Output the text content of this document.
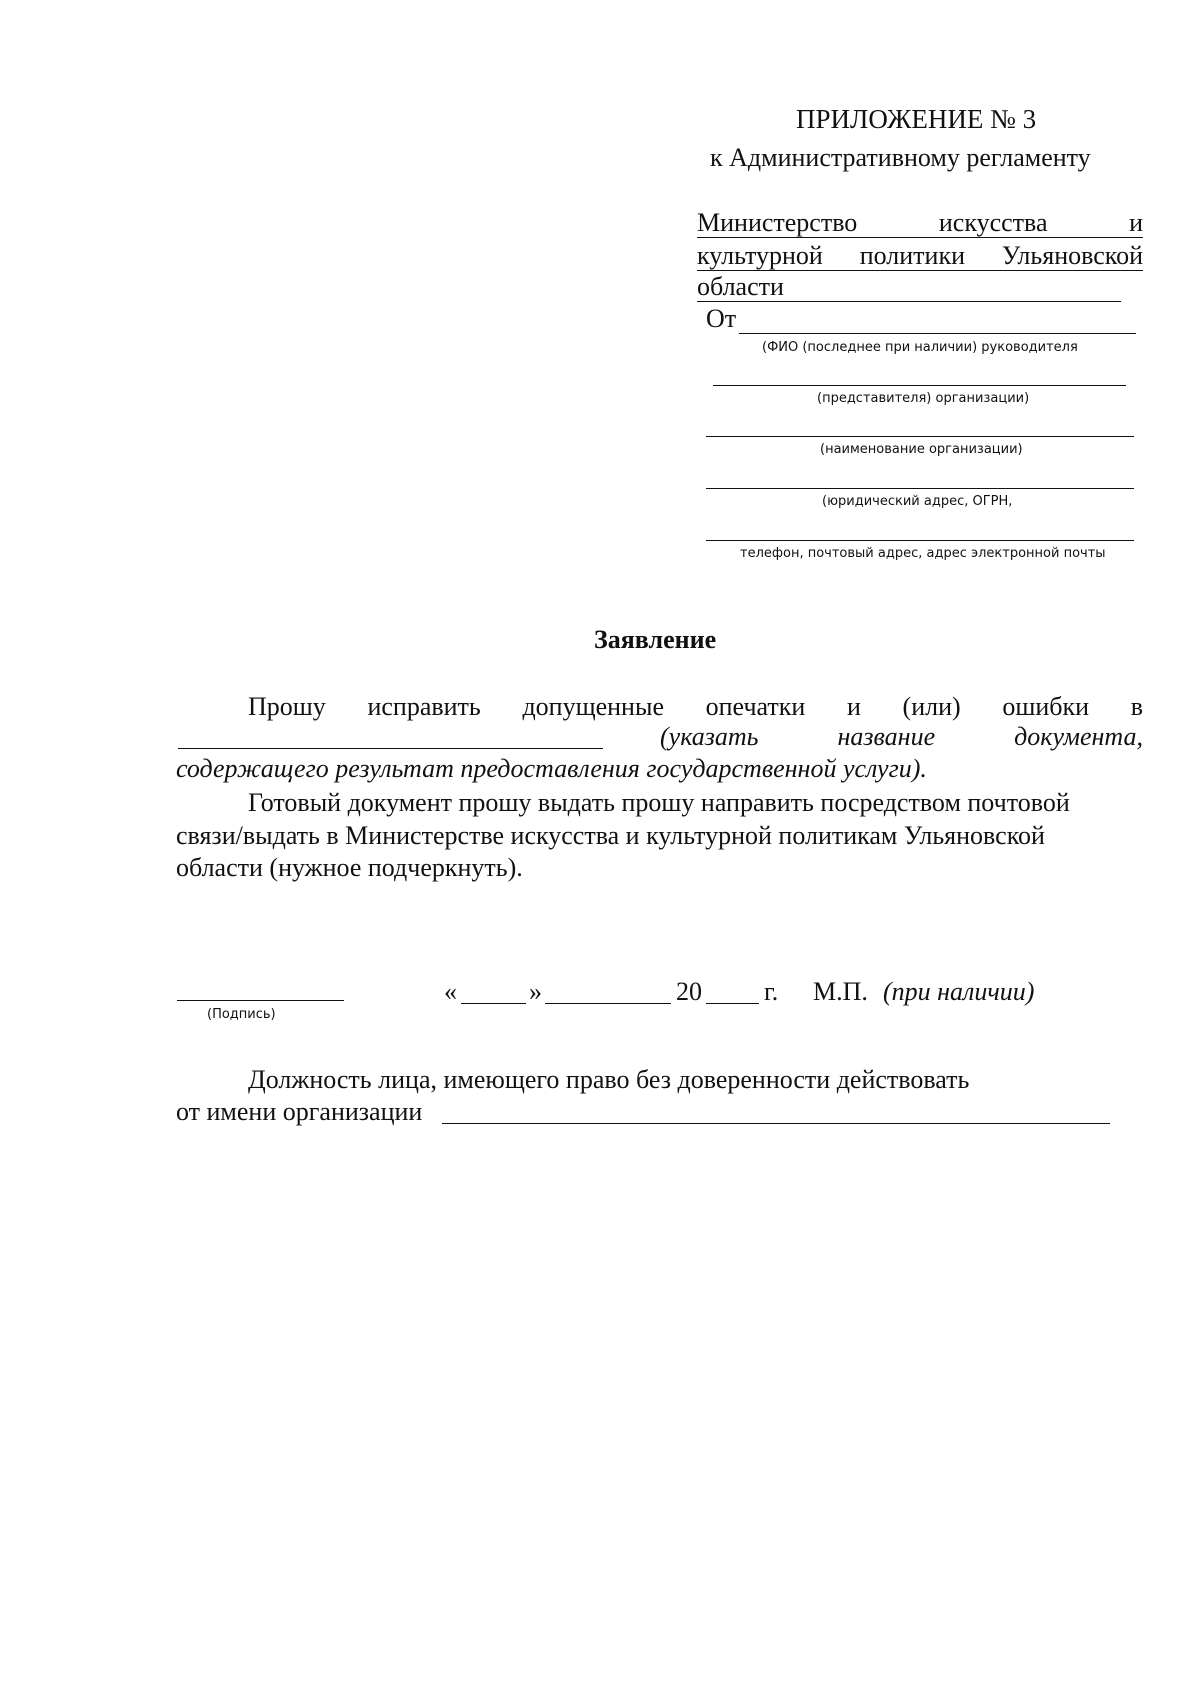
ПРИЛОЖЕНИЕ № 3
к Административному регламенту
Министерство	искусства	и
культурной политики Ульяновской
области
От
(ФИО (последнее при наличии) руководителя
(представителя) организации)
(наименование организации)
(юридический адрес, ОГРН,
телефон, почтовый адрес, адрес электронной почты
Заявление
Прошу исправить допущенные опечатки и (или) ошибки в
(указать	название	документа,
содержащего результат предоставления государственной услуги).
Готовый документ прошу выдать прошу направить посредством почтовой
связи/выдать в Министерстве искусства и культурной политикам Ульяновской
области (нужное подчеркнуть).
(Подпись)
«	»	20 г. М.П. (при наличии)
Должность лица, имеющего право без доверенности действовать
от имени организации
